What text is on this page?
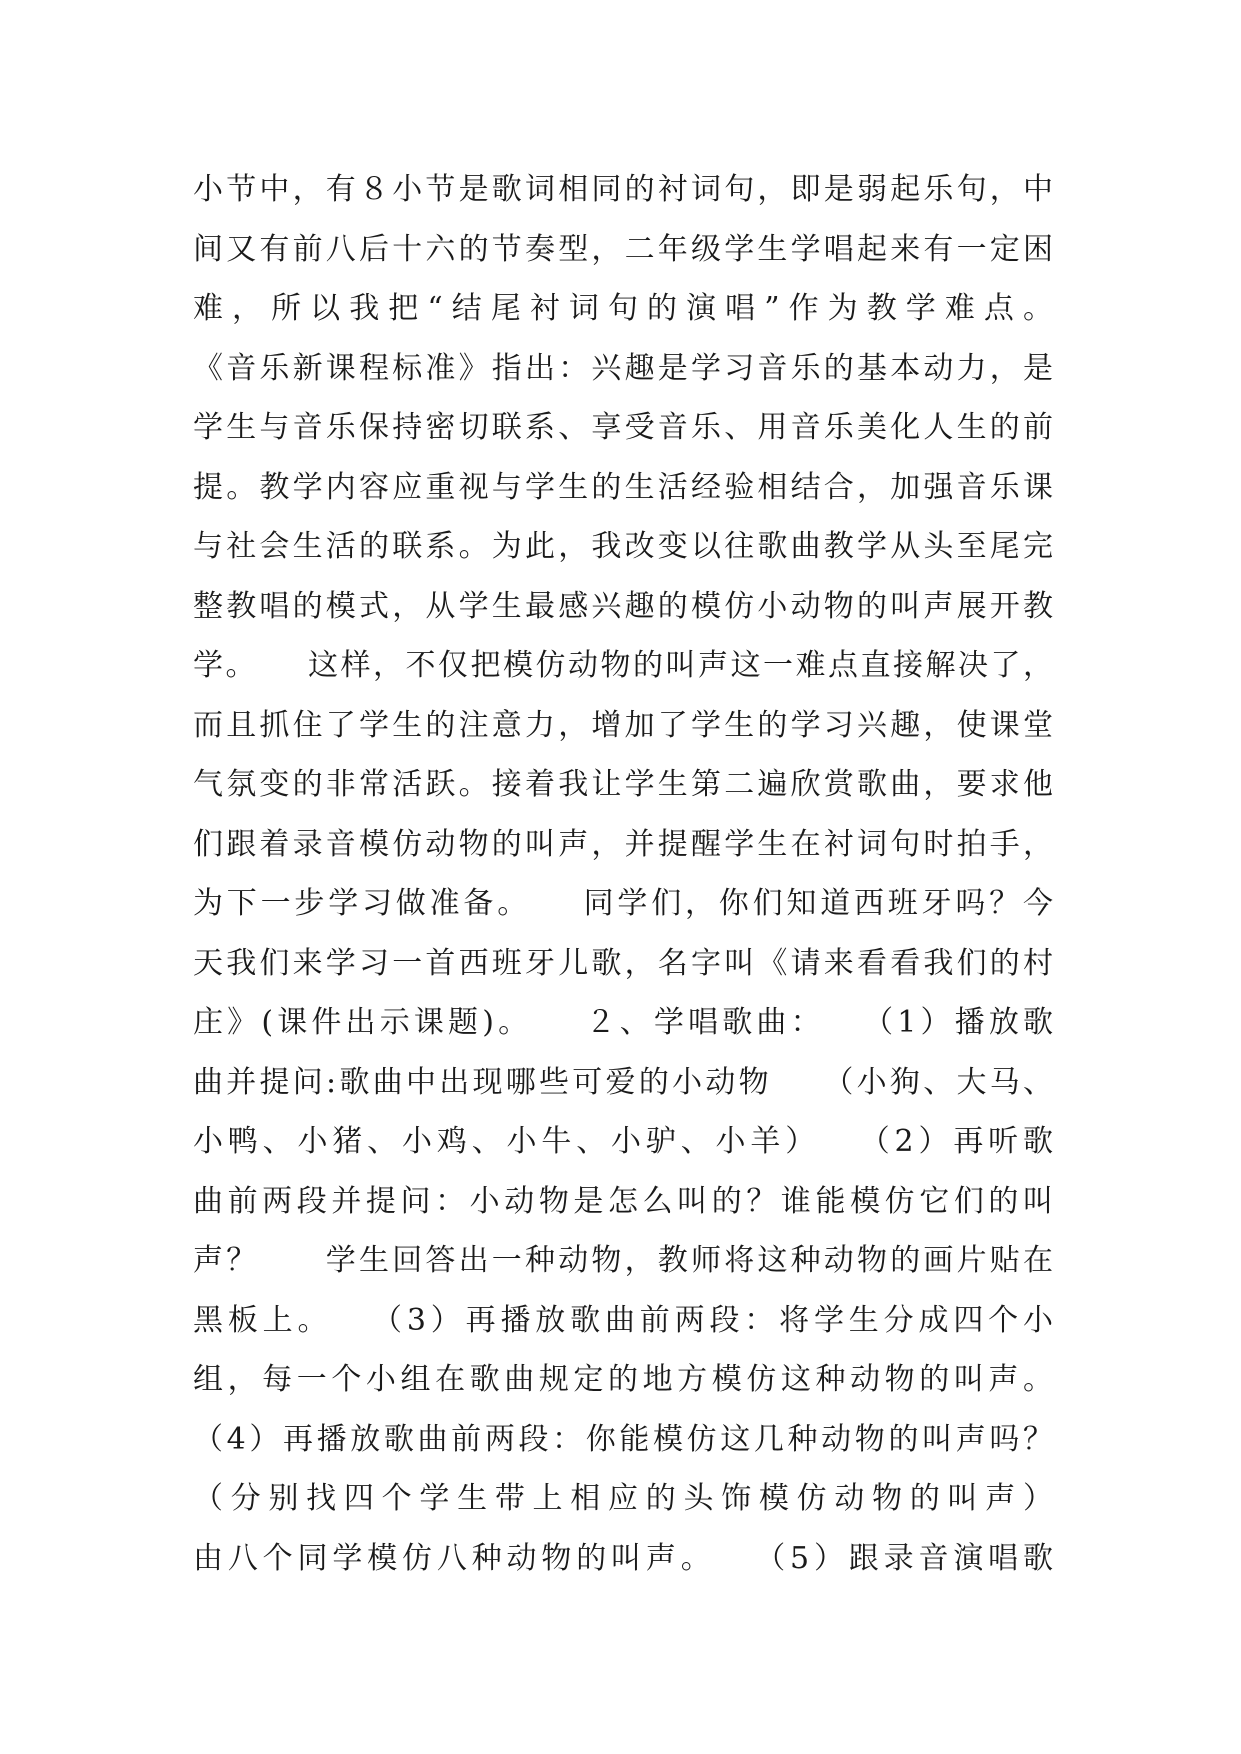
小节中，有８小节是歌词相同的衬词句，即是弱起乐句，中
间又有前八后十六的节奏型，二年级学生学唱起来有一定困
难，所以我把“结尾衬词句的演唱”作为教学难点。
《音乐新课程标准》指出：兴趣是学习音乐的基本动力，是
学生与音乐保持密切联系、享受音乐、用音乐美化人生的前
提。教学内容应重视与学生的生活经验相结合，加强音乐课
与社会生活的联系。为此，我改变以往歌曲教学从头至尾完
整教唱的模式，从学生最感兴趣的模仿小动物的叫声展开教
学。　　这样，不仅把模仿动物的叫声这一难点直接解决了，
而且抓住了学生的注意力，增加了学生的学习兴趣，使课堂
气氛变的非常活跃。接着我让学生第二遍欣赏歌曲，要求他
们跟着录音模仿动物的叫声，并提醒学生在衬词句时拍手，
为下一步学习做准备。　　同学们，你们知道西班牙吗？今
天我们来学习一首西班牙儿歌，名字叫《请来看看我们的村
庄》(课件出示课题)。　　２、学唱歌曲：　　（1）播放歌
曲并提问:歌曲中出现哪些可爱的小动物　　（小狗、大马、
小鸭、小猪、小鸡、小牛、小驴、小羊）　　（2）再听歌
曲前两段并提问：小动物是怎么叫的？谁能模仿它们的叫
声？　　学生回答出一种动物，教师将这种动物的画片贴在
黑板上。　　（3）再播放歌曲前两段：将学生分成四个小
组，每一个小组在歌曲规定的地方模仿这种动物的叫声。
（4）再播放歌曲前两段：你能模仿这几种动物的叫声吗？
（分别找四个学生带上相应的头饰模仿动物的叫声）
由八个同学模仿八种动物的叫声。　　（5）跟录音演唱歌
